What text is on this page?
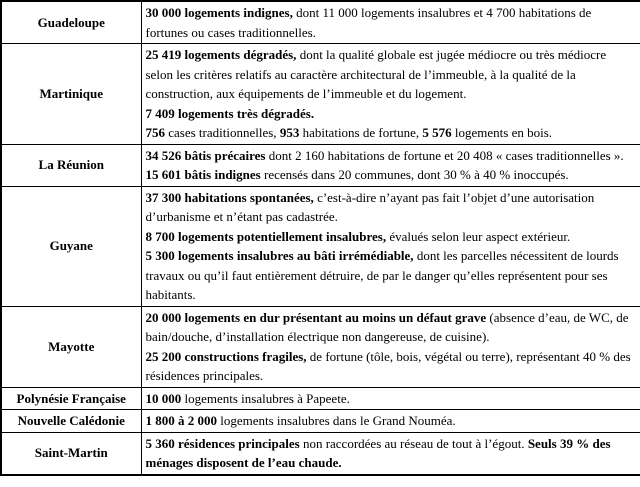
Guadeloupe	30 000 logements indignes, dont 11 000 logements insalubres et 4 700 habitations de fortunes ou cases traditionnelles.

Martinique	25 419 logements dégradés, dont la qualité globale est jugée médiocre ou très médiocre selon les critères relatifs au caractère architectural de l’immeuble, à la qualité de la construction, aux équipements de l’immeuble et du logement.
7 409 logements très dégradés.
756 cases traditionnelles, 953 habitations de fortune, 5 576 logements en bois.

La Réunion	34 526 bâtis précaires dont 2 160 habitations de fortune et 20 408 « cases traditionnelles ».
15 601 bâtis indignes recensés dans 20 communes, dont 30 % à 40 % inoccupés.

Guyane	37 300 habitations spontanées, c’est-à-dire n’ayant pas fait l’objet d’une autorisation d’urbanisme et n’étant pas cadastrée.
8 700 logements potentiellement insalubres, évalués selon leur aspect extérieur.
5 300 logements insalubres au bâti irrémédiable, dont les parcelles nécessitent de lourds travaux ou qu’il faut entièrement détruire, de par le danger qu’elles représentent pour ses habitants.

Mayotte	20 000 logements en dur présentant au moins un défaut grave (absence d’eau, de WC, de bain/douche, d’installation électrique non dangereuse, de cuisine).
25 200 constructions fragiles, de fortune (tôle, bois, végétal ou terre), représentant 40 % des résidences principales.

Polynésie Française	10 000 logements insalubres à Papeete.

Nouvelle Calédonie	1 800 à 2 000 logements insalubres dans le Grand Nouméa.

Saint-Martin	5 360 résidences principales non raccordées au réseau de tout à l’égout. Seuls 39 % des ménages disposent de l’eau chaude.
